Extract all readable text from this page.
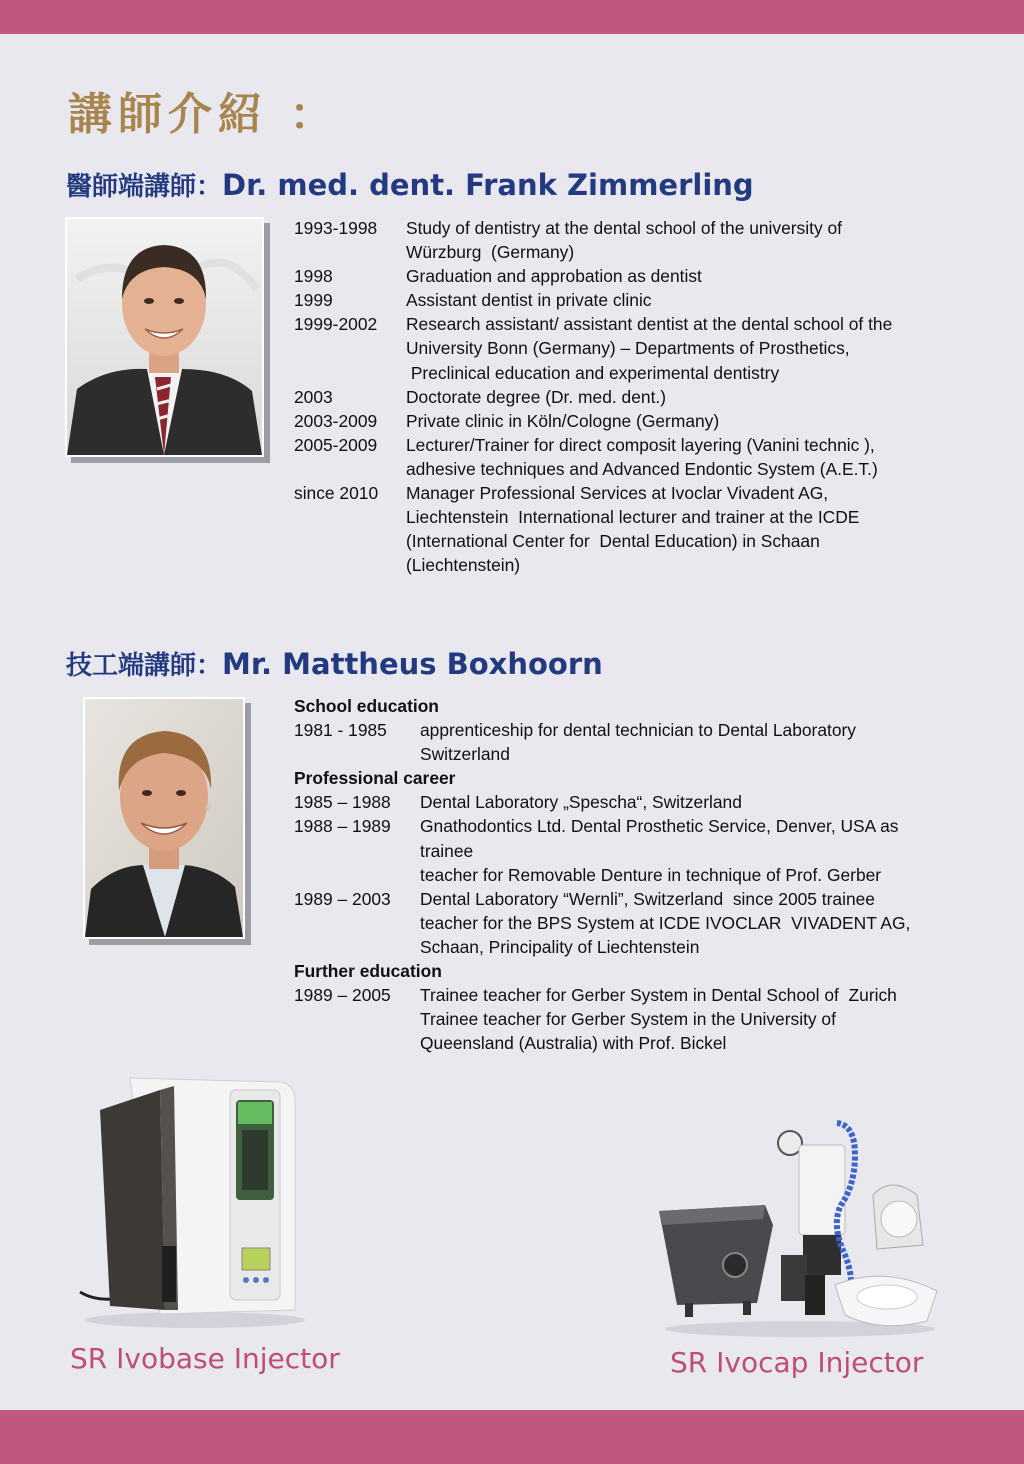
講師介紹 ：
醫師端講師：Dr. med. dent. Frank Zimmerling
1993-1998	Study of dentistry at the dental school of the university of
Würzburg  (Germany)
1998	Graduation and approbation as dentist
1999	Assistant dentist in private clinic
1999-2002	Research assistant/ assistant dentist at the dental school of the
University Bonn (Germany) – Departments of Prosthetics,
Preclinical education and experimental dentistry
2003	Doctorate degree (Dr. med. dent.)
2003-2009	Private clinic in Köln/Cologne (Germany)
2005-2009	Lecturer/Trainer for direct composit layering (Vanini technic ),
adhesive techniques and Advanced Endontic System (A.E.T.)
since 2010	Manager Professional Services at Ivoclar Vivadent AG,
Liechtenstein  International lecturer and trainer at the ICDE
(International Center for  Dental Education) in Schaan
(Liechtenstein)
技工端講師：Mr. Mattheus Boxhoorn
School education
1981 - 1985	apprenticeship for dental technician to Dental Laboratory
Switzerland
Professional career
1985 – 1988	Dental Laboratory „Spescha“, Switzerland
1988 – 1989	Gnathodontics Ltd. Dental Prosthetic Service, Denver, USA as
trainee
teacher for Removable Denture in technique of Prof. Gerber
1989 – 2003	Dental Laboratory “Wernli”, Switzerland  since 2005 trainee
teacher for the BPS System at ICDE IVOCLAR  VIVADENT AG,
Schaan, Principality of Liechtenstein
Further education
1989 – 2005	Trainee teacher for Gerber System in Dental School of  Zurich
Trainee teacher for Gerber System in the University of
Queensland (Australia) with Prof. Bickel

SR Ivobase Injector	SR Ivocap Injector
